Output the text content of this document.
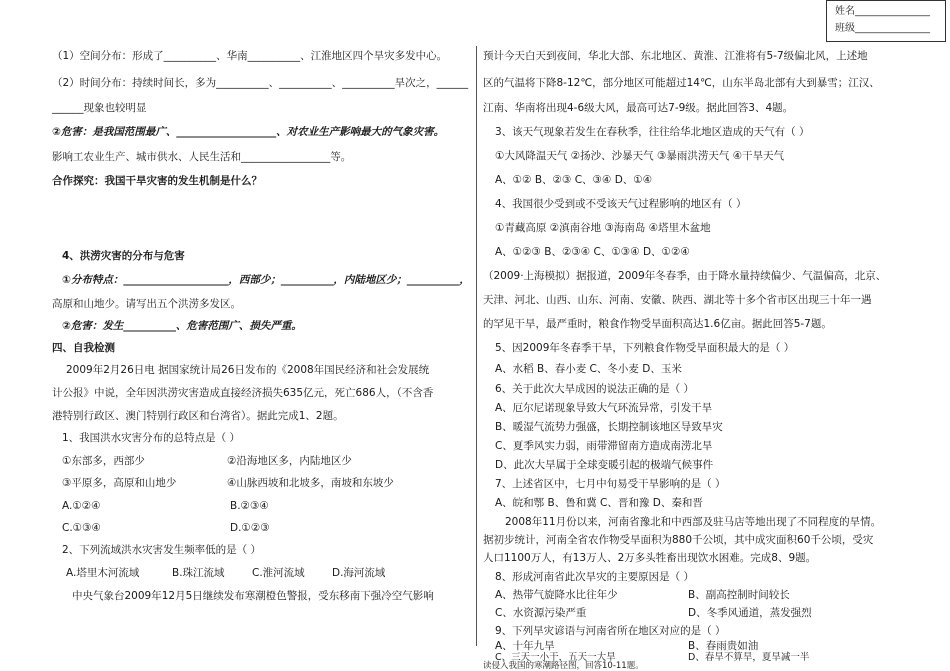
姓名_______________
班级_______________
（1）空间分布：形成了__________、华南__________、江淮地区四个旱灾多发中心。
（2）时间分布：持续时间长，多为__________、__________、__________旱次之，______
______现象也较明显
②危害：是我国范围最广、___________________、对农业生产影响最大的气象灾害。
影响工农业生产、城市供水、人民生活和_________________等。
合作探究：我国干旱灾害的发生机制是什么？
4、洪涝灾害的分布与危害
①分布特点：____________________，西部少；__________，内陆地区少；__________，
高原和山地少。请写出五个洪涝多发区。
②危害：发生__________、危害范围广、损失严重。
四、自我检测
2009年2月26日电 据国家统计局26日发布的《2008年国民经济和社会发展统
计公报》中说，全年因洪涝灾害造成直接经济损失635亿元，死亡686人，（不含香
港特别行政区、澳门特别行政区和台湾省）。据此完成1、2题。
1、我国洪水灾害分布的总特点是（ ）
①东部多，西部少	②沿海地区多，内陆地区少
③平原多，高原和山地少	④山脉西坡和北坡多，南坡和东坡少
A.①②④	B.②③④
C.①③④	D.①②③
2、下列流域洪水灾害发生频率低的是（ ）
A.塔里木河流域	B.珠江流域	C.淮河流域	D.海河流域
中央气象台2009年12月5日继续发布寒潮橙色警报，受东移南下强冷空气影响
预计今天白天到夜间，华北大部、东北地区、黄淮、江淮将有5-7级偏北风，上述地
区的气温将下降8-12℃，部分地区可能超过14℃，山东半岛北部有大到暴雪；江汉、
江南、华南将出现4-6级大风，最高可达7-9级。据此回答3、4题。
3、该天气现象若发生在春秋季，往往给华北地区造成的天气有（ ）
①大风降温天气 ②扬沙、沙暴天气 ③暴雨洪涝天气 ④干旱天气
A、①② B、②③ C、③④ D、①④
4、我国很少受到或不受该天气过程影响的地区有（ ）
①青藏高原 ②滇南谷地 ③海南岛 ④塔里木盆地
A、①②③ B、②③④ C、①③④ D、①②④
（2009·上海模拟）据报道，2009年冬春季，由于降水量持续偏少、气温偏高，北京、
天津、河北、山西、山东、河南、安徽、陕西、湖北等十多个省市区出现三十年一遇
的罕见干旱，最严重时，粮食作物受旱面积高达1.6亿亩。据此回答5-7题。
5、因2009年冬春季干旱，下列粮食作物受旱面积最大的是（ ）
A、水稻 B、春小麦 C、冬小麦 D、玉米
6、关于此次大旱成因的说法正确的是（ ）
A、厄尔尼诺现象导致大气环流异常，引发干旱
B、暖湿气流势力强盛，长期控制该地区导致旱灾
C、夏季风实力弱，雨带滞留南方造成南涝北旱
D、此次大旱属于全球变暖引起的极端气候事件
7、上述省区中，七月中旬易受干旱影响的是（ ）
A、皖和鄂 B、鲁和冀 C、晋和豫 D、秦和晋
2008年11月份以来，河南省豫北和中西部及驻马店等地出现了不同程度的旱情。
据初步统计，河南全省农作物受旱面积为880千公顷，其中成灾面积60千公顷，受灾
人口1100万人，有13万人、2万多头牲畜出现饮水困难。完成8、9题。
8、形成河南省此次旱灾的主要原因是（ ）
A、热带气旋降水比往年少	B、副高控制时间较长
C、水资源污染严重	D、冬季风通道，蒸发强烈
9、下列旱灾谚语与河南省所在地区对应的是（ ）
A、十年九旱	B、春雨贵如油
C、三天一小干，五天一大旱	D、春旱不算旱，夏旱减一半
读侵入我国的寒潮路径图，回答10-11题。
